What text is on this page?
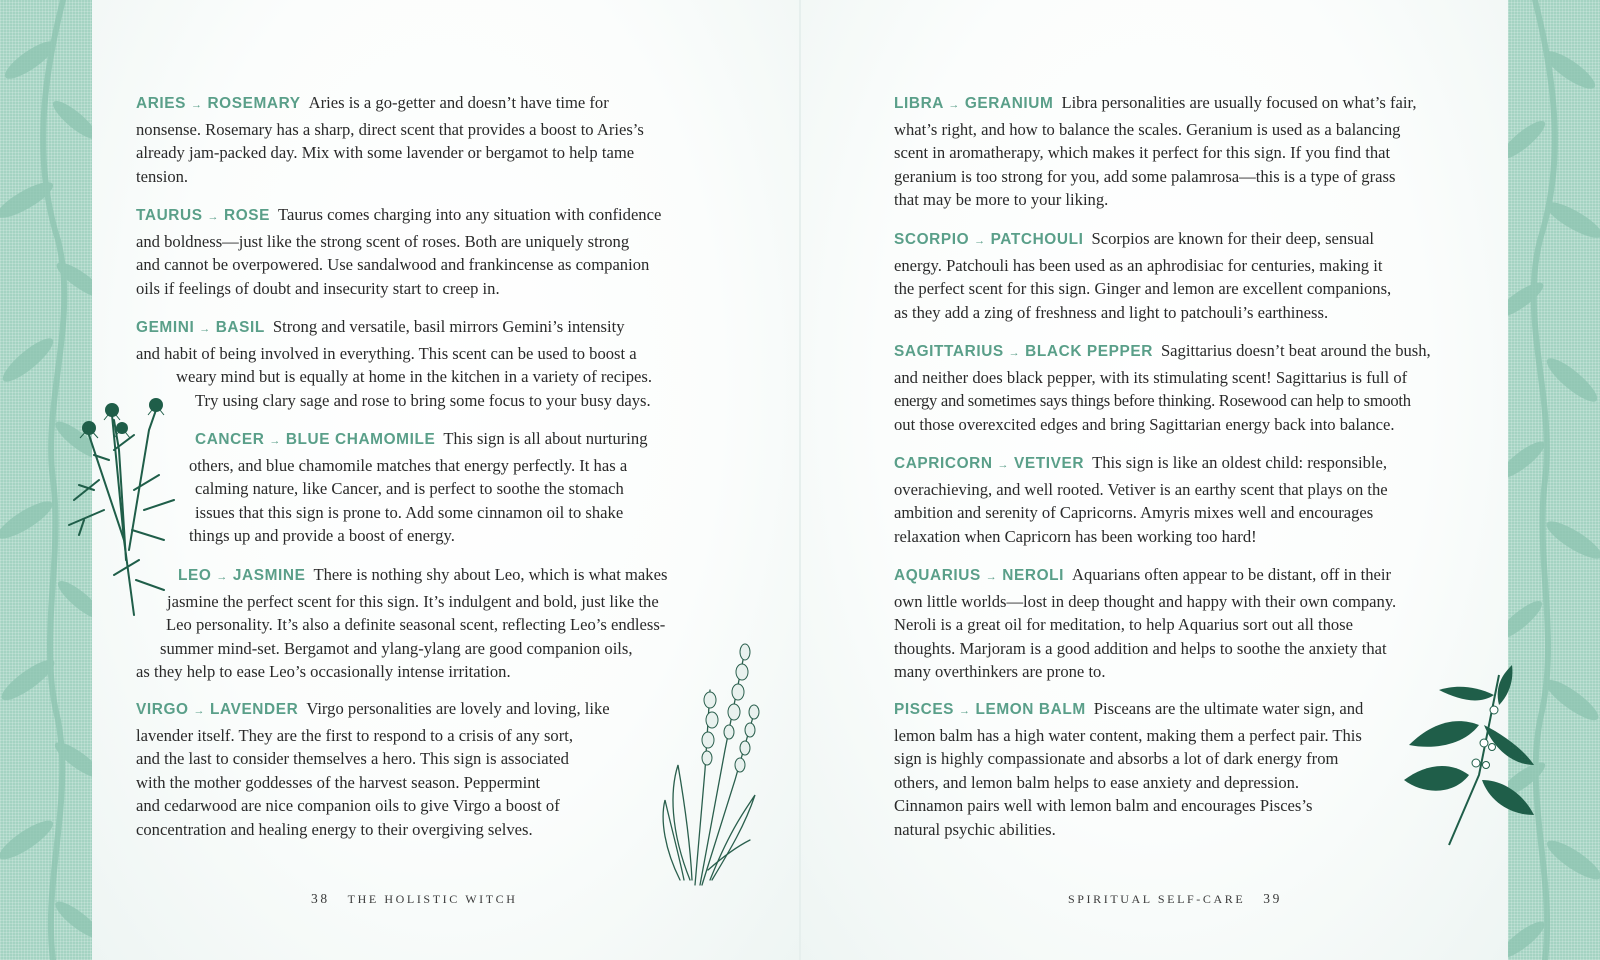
ARIES → ROSEMARY Aries is a go-getter and doesn’t have time for
nonsense. Rosemary has a sharp, direct scent that provides a boost to Aries’s
already jam-packed day. Mix with some lavender or bergamot to help tame
tension.
TAURUS → ROSE Taurus comes charging into any situation with confidence
and boldness—just like the strong scent of roses. Both are uniquely strong
and cannot be overpowered. Use sandalwood and frankincense as companion
oils if feelings of doubt and insecurity start to creep in.
GEMINI → BASIL Strong and versatile, basil mirrors Gemini’s intensity
and habit of being involved in everything. This scent can be used to boost a
weary mind but is equally at home in the kitchen in a variety of recipes.
Try using clary sage and rose to bring some focus to your busy days.
CANCER → BLUE CHAMOMILE This sign is all about nurturing
others, and blue chamomile matches that energy perfectly. It has a
calming nature, like Cancer, and is perfect to soothe the stomach
issues that this sign is prone to. Add some cinnamon oil to shake
things up and provide a boost of energy.
LEO → JASMINE There is nothing shy about Leo, which is what makes
jasmine the perfect scent for this sign. It’s indulgent and bold, just like the
Leo personality. It’s also a definite seasonal scent, reflecting Leo’s endless-
summer mind-set. Bergamot and ylang-ylang are good companion oils,
as they help to ease Leo’s occasionally intense irritation.
VIRGO → LAVENDER Virgo personalities are lovely and loving, like
lavender itself. They are the first to respond to a crisis of any sort,
and the last to consider themselves a hero. This sign is associated
with the mother goddesses of the harvest season. Peppermint
and cedarwood are nice companion oils to give Virgo a boost of
concentration and healing energy to their overgiving selves.
LIBRA → GERANIUM Libra personalities are usually focused on what’s fair,
what’s right, and how to balance the scales. Geranium is used as a balancing
scent in aromatherapy, which makes it perfect for this sign. If you find that
geranium is too strong for you, add some palamrosa—this is a type of grass
that may be more to your liking.
SCORPIO → PATCHOULI Scorpios are known for their deep, sensual
energy. Patchouli has been used as an aphrodisiac for centuries, making it
the perfect scent for this sign. Ginger and lemon are excellent companions,
as they add a zing of freshness and light to patchouli’s earthiness.
SAGITTARIUS → BLACK PEPPER Sagittarius doesn’t beat around the bush,
and neither does black pepper, with its stimulating scent! Sagittarius is full of
energy and sometimes says things before thinking. Rosewood can help to smooth
out those overexcited edges and bring Sagittarian energy back into balance.
CAPRICORN → VETIVER This sign is like an oldest child: responsible,
overachieving, and well rooted. Vetiver is an earthy scent that plays on the
ambition and serenity of Capricorns. Amyris mixes well and encourages
relaxation when Capricorn has been working too hard!
AQUARIUS → NEROLI Aquarians often appear to be distant, off in their
own little worlds—lost in deep thought and happy with their own company.
Neroli is a great oil for meditation, to help Aquarius sort out all those
thoughts. Marjoram is a good addition and helps to soothe the anxiety that
many overthinkers are prone to.
PISCES → LEMON BALM Pisceans are the ultimate water sign, and
lemon balm has a high water content, making them a perfect pair. This
sign is highly compassionate and absorbs a lot of dark energy from
others, and lemon balm helps to ease anxiety and depression.
Cinnamon pairs well with lemon balm and encourages Pisces’s
natural psychic abilities.
38 THE HOLISTIC WITCH	SPIRITUAL SELF-CARE 39
